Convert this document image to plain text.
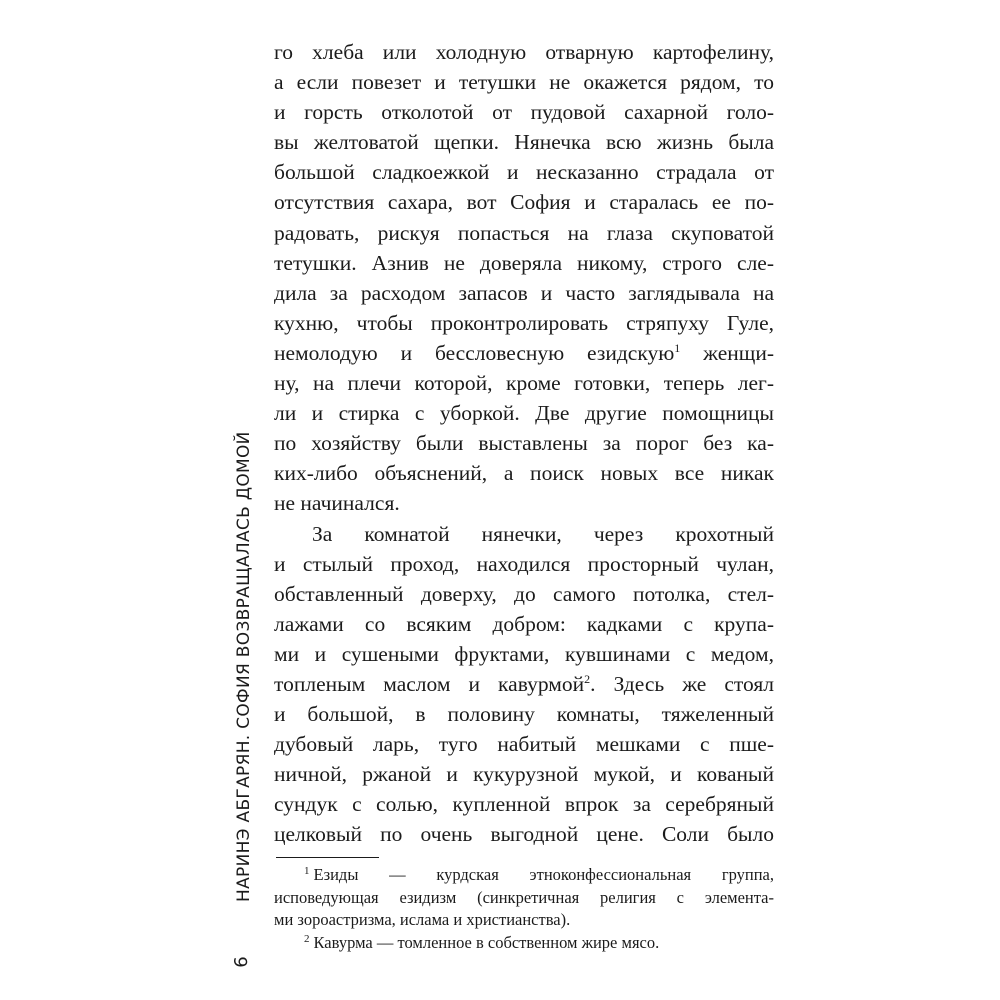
НАРИНЭ АБГАРЯН. СОФИЯ ВОЗВРАЩАЛАСЬ ДОМОЙ
6
го хлеба или холодную отварную картофелину,
а если повезет и тетушки не окажется рядом, то
и горсть отколотой от пудовой сахарной голо-
вы желтоватой щепки. Нянечка всю жизнь была
большой сладкоежкой и несказанно страдала от
отсутствия сахара, вот София и старалась ее по-
радовать, рискуя попасться на глаза скуповатой
тетушки. Азнив не доверяла никому, строго сле-
дила за расходом запасов и часто заглядывала на
кухню, чтобы проконтролировать стряпуху Гуле,
немолодую и бессловесную езидскую$^1$ женщи-
ну, на плечи которой, кроме готовки, теперь лег-
ли и стирка с уборкой. Две другие помощницы
по хозяйству были выставлены за порог без ка-
ких-либо объяснений, а поиск новых все никак
не начинался.
За комнатой нянечки, через крохотный
и стылый проход, находился просторный чулан,
обставленный доверху, до самого потолка, стел-
лажами со всяким добром: кадками с крупа-
ми и сушеными фруктами, кувшинами с медом,
топленым маслом и кавурмой$^2$. Здесь же стоял
и большой, в половину комнаты, тяжеленный
дубовый ларь, туго набитый мешками с пше-
ничной, ржаной и кукурузной мукой, и кованый
сундук с солью, купленной впрок за серебряный
целковый по очень выгодной цене. Соли было
$^1$ Езиды — курдская этноконфессиональная группа,
исповедующая езидизм (синкретичная религия с элемента-
ми зороастризма, ислама и христианства).
$^2$ Кавурма — томленное в собственном жире мясо.
